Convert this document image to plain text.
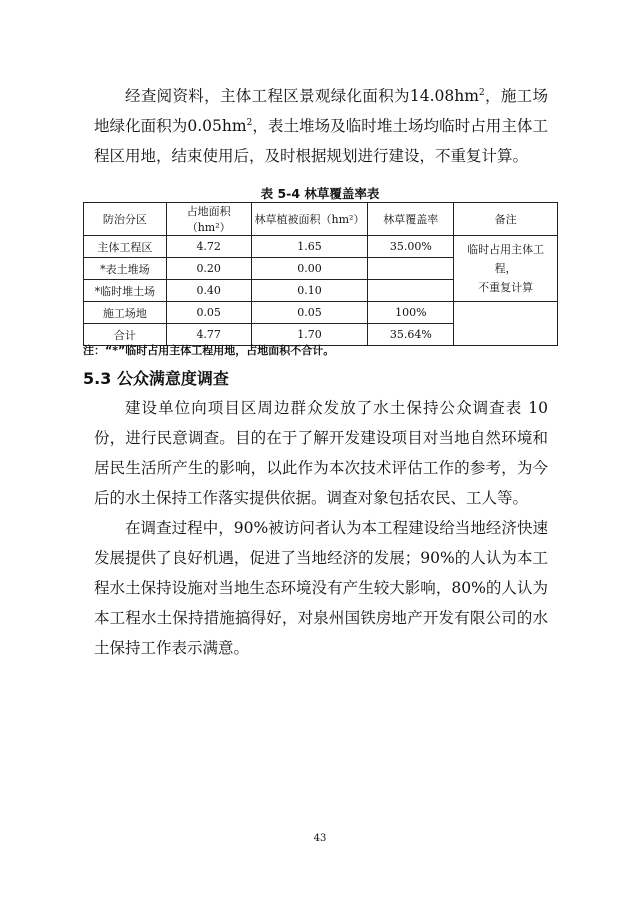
经查阅资料，主体工程区景观绿化面积为$14.08hm^2$，施工场地绿化面积为$0.05hm^2$，表土堆场及临时堆土场均临时占用主体工程区用地，结束使用后，及时根据规划进行建设，不重复计算。

表 5-4 林草覆盖率表
防治分区	占地面积（hm²）	林草植被面积（hm²）	林草覆盖率	备注
主体工程区	4.72	1.65	35.00%	临时占用主体工程，
不重复计算
*表土堆场	0.20	0.00		
*临时堆土场	0.40	0.10		
施工场地	0.05	0.05	100%	
合计	4.77	1.70	35.64%	
注：“*”临时占用主体工程用地，占地面积不合计。
5.3 公众满意度调查

建设单位向项目区周边群众发放了水土保持公众调查表 10 份，进行民意调查。目的在于了解开发建设项目对当地自然环境和居民生活所产生的影响，以此作为本次技术评估工作的参考，为今后的水土保持工作落实提供依据。调查对象包括农民、工人等。

在调查过程中，90%被访问者认为本工程建设给当地经济快速发展提供了良好机遇，促进了当地经济的发展；90%的人认为本工程水土保持设施对当地生态环境没有产生较大影响，80%的人认为本工程水土保持措施搞得好，对泉州国铁房地产开发有限公司的水土保持工作表示满意。

43
